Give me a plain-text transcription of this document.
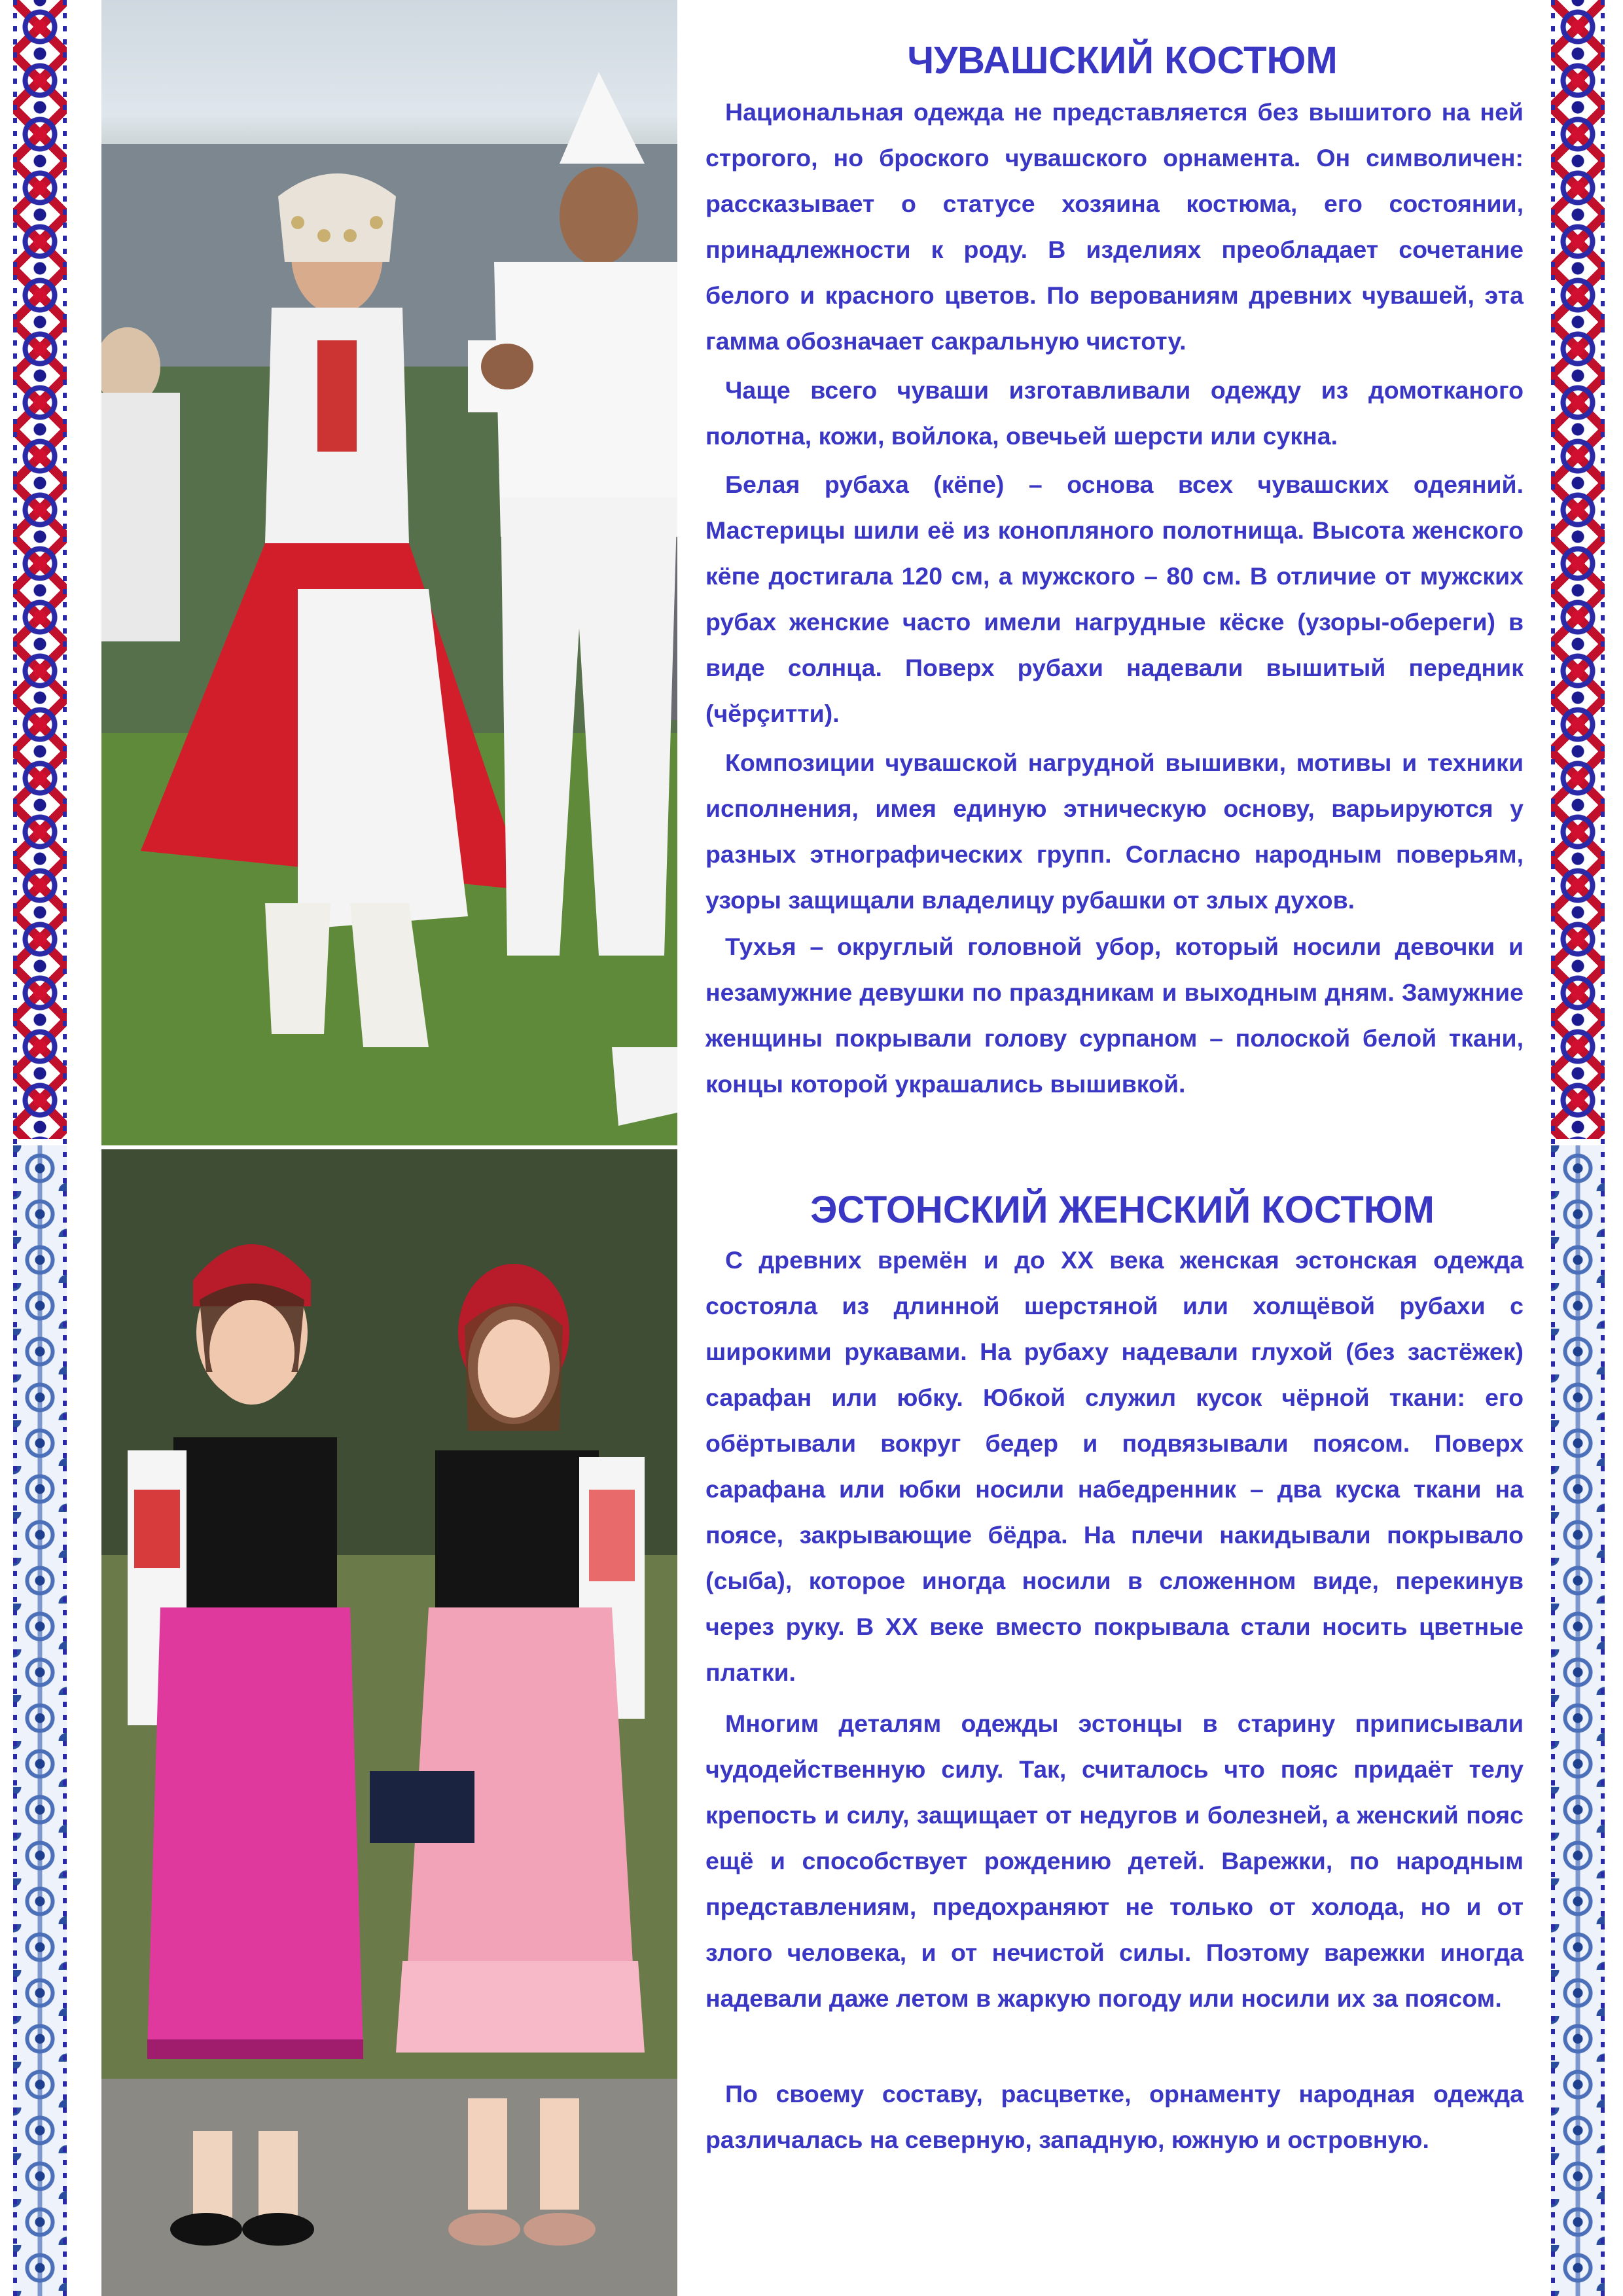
ЧУВАШСКИЙ КОСТЮМ

Национальная одежда не представляется без вышитого на ней строгого, но броского чувашского орнамента. Он символичен: рассказывает о статусе хозяина костюма, его состоянии, принадлежности к роду. В изделиях преобладает сочетание белого и красного цветов. По верованиям древних чувашей, эта гамма обозначает сакральную чистоту.

Чаще всего чуваши изготавливали одежду из домотканого полотна, кожи, войлока, овечьей шерсти или сукна.

Белая рубаха (кёпе) – основа всех чувашских одеяний. Мастерицы шили её из конопляного полотнища. Высота женского кёпе достигала 120 см, а мужского – 80 см. В отличие от мужских рубах женские часто имели нагрудные кёске (узоры-обереги) в виде солнца. Поверх рубахи надевали вышитый передник (чĕрçитти).

Композиции чувашской нагрудной вышивки, мотивы и техники исполнения, имея единую этническую основу, варьируются у разных этнографических групп. Согласно народным поверьям, узоры защищали владелицу рубашки от злых духов.

Тухья – округлый головной убор, который носили девочки и незамужние девушки по праздникам и выходным дням. Замужние женщины покрывали голову сурпаном – полоской белой ткани, концы которой украшались вышивкой.

ЭСТОНСКИЙ ЖЕНСКИЙ КОСТЮМ

С древних времён и до XX века женская эстонская одежда состояла из длинной шерстяной или холщёвой рубахи с широкими рукавами. На рубаху надевали глухой (без застёжек) сарафан или юбку. Юбкой служил кусок чёрной ткани: его обёртывали вокруг бедер и подвязывали поясом. Поверх сарафана или юбки носили набедренник – два куска ткани на поясе, закрывающие бёдра. На плечи накидывали покрывало (сыба), которое иногда носили в сложенном виде, перекинув через руку. В XX веке вместо покрывала стали носить цветные платки.

Многим деталям одежды эстонцы в старину приписывали чудодейственную силу. Так, считалось что пояс придаёт телу крепость и силу, защищает от недугов и болезней, а женский пояс ещё и способствует рождению детей. Варежки, по народным представлениям, предохраняют не только от холода, но и от злого человека, и от нечистой силы. Поэтому варежки иногда надевали даже летом в жаркую погоду или носили их за поясом.

По своему составу, расцветке, орнаменту народная одежда различалась на северную, западную, южную и островную.
